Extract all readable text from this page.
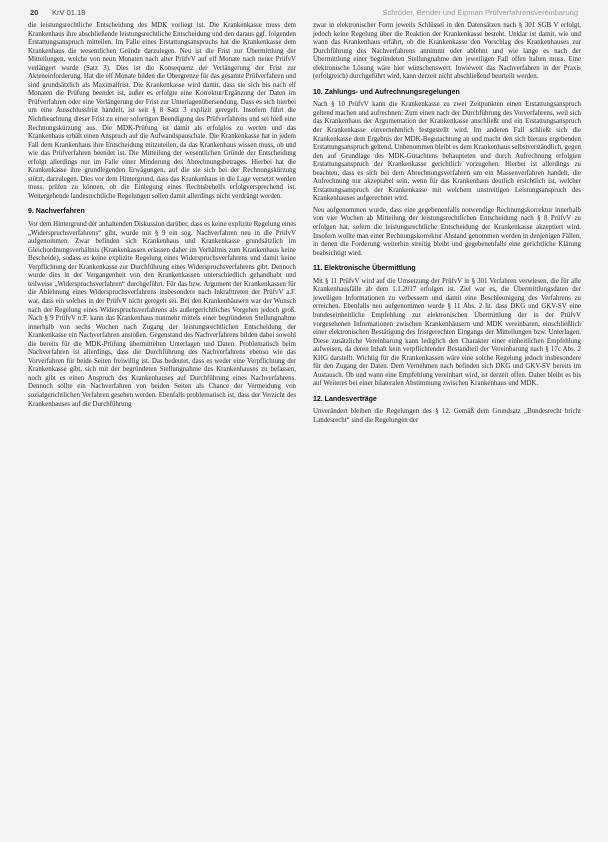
20 KrV 01.18	Schröder, Bender und Eipman Prüfverfahrensvereinbarung

die leistungsrechtliche Entscheidung des MDK vorliegt ist. Die Krankenkasse muss dem Krankenhaus ihre abschließende leistungsrechtliche Entscheidung und den daraus ggf. folgenden Erstattungsanspruch mitteilen. Im Falle eines Erstattungsanspruchs hat die Krankenkasse dem Krankenhaus die wesentlichen Gründe darzulegen. Neu ist die Frist zur Übermittlung der Mitteilungen, welche von neun Monaten nach alter PrüfvV auf elf Monate nach neuer PrüfvV verlängert wurde (Satz 3). Dies ist die Konsequenz der Verlängerung der Frist zur Akteneinforderung. Hat die elf Monate bilden die Obergrenze für das gesamte Prüfverfahren und sind grundsätzlich als Maximalfrist. Die Krankenkasse wird damit, dass sie sich bis nach elf Monaten die Prüfung beendet ist, außer es erfolgte eine Korrektur/Ergänzung der Daten im Prüfverfahren oder eine Verlängerung der Frist zur Unterlagenübersendung. Dass es sich hierbei um eine Ausschlussfrist handelt, ist seit § 8 Satz 3 explizit geregelt. Insofern führt die Nichtbeachtung dieser Frist zu einer sofortigen Beendigung des Prüfverfahrens und sei hieß eine Rechnungskürzung aus. Die MDK-Prüfung ist damit als erfolglos zu werten und das Krankenhaus erhält einen Anspruch auf die Aufwandspauschale. Die Krankenkasse hat in jedem Fall dem Krankenhaus ihre Entscheidung mitzuteilen, da das Krankenhaus wissen muss, ob und wie das Prüfverfahren beendet ist. Die Mitteilung der wesentlichen Gründe der Entscheidung erfolgt allerdings nur im Falle einer Minderung des Abrechnungsbetrages. Hierbei hat die Krankenkasse ihre grundlegenden Erwägungen, auf die sie sich bei der Rechnungskürzung stützt, darzulegen. Dies vor dem Hintergrund, dass das Krankenhaus in die Lage versetzt werden muss, prüfen zu können, ob die Einlegung eines Rechtsbehelfs erfolgversprechend ist. Weitergehende landesrechtliche Regelungen sollen damit allerdings nicht verdrängt werden.

9. Nachverfahren

Vor dem Hintergrund der anhaltenden Diskussion darüber, dass es keine explizite Regelung eines „Widerspruchsverfahrens“ gibt, wurde mit § 9 ein sog. Nachverfahren neu in die PrüfvV aufgenommen. Zwar befinden sich Krankenhaus und Krankenkasse grundsätzlich im Gleichordnungsverhältnis (Krankenkassen erlassen daher im Verhältnis zum Krankenhaus keine Bescheide), sodass es keine explizite Regelung eines Widerspruchsverfahrens und damit keine Verpflichtung der Krankenkasse zur Durchführung eines Widerspruchsverfahrens gibt. Dennoch wurde dies in der Vergangenheit von den Krankenkassen unterschiedlich gehandhabt und teilweise „Widerspruchsverfahren“ durchgeführt. Für das bzw. Argument der Krankenkassen für die Ablehnung eines Widerspruchsverfahrens insbesondere nach Inkrafttreten der PrüfvV a.F. war, dass ein solches in der PrüfvV nicht geregelt sei. Bei den Krankenhäusern war der Wunsch nach der Regelung eines Widerspruchsverfahrens als außergerichtliches Vorgehen jedoch groß. Nach § 9 PrüfvV n.F. kann das Krankenhaus nunmehr mittels einer begründeten Stellungnahme innerhalb von sechs Wochen nach Zugang der leistungsrechtlichen Entscheidung der Krankenkasse ein Nachverfahren anstoßen. Gegenstand des Nachverfahrens bilden dabei sowohl die bereits für die MDK-Prüfung übermittelten Unterlagen und Daten. Problematisch beim Nachverfahren ist allerdings, dass die Durchführung des Nachverfahrens ebenso wie das Vorverfahren für beide Seiten freiwillig ist. Das bedeutet, dass es weder eine Verpflichtung der Krankenkasse gibt, sich mit der begründeten Stellungnahme des Krankenhauses zu befassen, noch gibt es einen Anspruch des Krankenhauses auf Durchführung eines Nachverfahrens. Dennoch sollte ein Nachverfahren von beiden Seiten als Chance der Vermeidung von sozialgerichtlichen Verfahren gesehen werden. Ebenfalls problematisch ist, dass der Verzicht des Krankenhauses auf die Durchführung

zwar in elektronischer Form jeweils Schlüssel in den Datensätzen nach § 301 SGB V erfolgt, jedoch keine Regelung über die Reaktion der Krankenkasse besteht. Unklar ist damit, wie und wann das Krankenhaus erfährt, ob die Krankenkasse den Vorschlag des Krankenhauses zur Durchführung des Nachverfahrens annimmt oder ablehnt und wie lange es nach der Übermittlung einer begründeten Stellungnahme den jeweiligen Fall offen halten muss. Eine elektronische Lösung wäre hier wünschenswert. Inwieweit das Nachverfahren in der Praxis (erfolgreich) durchgeführt wird, kann derzeit nicht abschließend beurteilt werden.

10. Zahlungs- und Aufrechnungsregelungen

Nach § 10 PrüfvV kann die Krankenkasse zu zwei Zeitpunkten einen Erstattungsanspruch geltend machen und aufrechnen: Zum einen nach der Durchführung des Vorverfahrens, weil sich das Krankenhaus der Argumentation der Krankenkasse anschließt und ein Erstattungsanspruch der Krankenkasse einvernehmlich festgestellt wird. Im anderen Fall schließt sich die Krankenkasse dem Ergebnis der MDK-Begutachtung an und macht den sich hieraus ergebenden Erstattungsanspruch geltend. Unbenommen bleibt es dem Krankenhaus selbstverständlich, gegen den auf Grundlage des MDK-Gutachtens behaupteten und durch Aufrechnung erfolgten Erstattungsanspruch der Krankenkasse gerichtlich vorzugehen. Hierbei ist allerdings zu beachten, dass es sich bei dem Abrechnungsverfahren um ein Massenverfahren handelt, die Aufrechnung nur akzeptabel sein, wenn für das Krankenhaus deutlich ersichtlich ist, welcher Erstattungsanspruch der Krankenkasse mit welchem unstreitigen Leistungsanspruch des Krankenhauses aufgerechnet wird.

Neu aufgenommen wurde, dass eine gegebenenfalls notwendige Rechnungskorrektur innerhalb von vier Wochen ab Mitteilung der leistungsrechtlichen Entscheidung nach § 8 PrüfvV zu erfolgen hat, sofern die leistungsrechtliche Entscheidung der Krankenkasse akzeptiert wird. Insofern wollte man einer Rechnungskorrektur Abstand genommen werden in denjenigen Fällen, in denen die Forderung weiterhin streitig bleibt und gegebenenfalls eine gerichtliche Klärung beabsichtigt wird.

11. Elektronische Übermittlung

Mit § 11 PrüfvV wird auf die Umsetzung der PrüfvV in § 301 Verfahren verwiesen, die für alle Krankenhausfälle ab dem 1.1.2017 erfolgen ist. Ziel war es, die Übermittlungsdaten der jeweiligen Informationen zu verbessern und damit eine Beschleunigung des Verfahrens zu erreichen. Ebenfalls neu aufgenommen wurde § 11 Abs. 2 lit. dass DKG und GKV-SV eine bundeseinheitliche Empfehlung zur elektronischen Übermittlung der in der PrüfvV vorgesehenen Informationen zwischen Krankenhäusern und MDK vereinbaren, einschließlich einer elektronischen Bestätigung des fristgerechten Eingangs der Mitteilungen bzw. Unterlagen. Diese zusätzliche Vereinbarung kann lediglich den Charakter einer einheitlichen Empfehlung aufweisen, da deren Inhalt kein verpflichtender Bestandteil der Vereinbarung nach § 17c Abs. 2 KHG darstellt. Wichtig für die Krankenkassen wäre eine solche Regelung jedoch insbesondere für den Zugang der Daten. Dem Vernehmen nach befinden sich DKG und GKV-SV bereits im Austausch. Ob und wann eine Empfehlung vereinbart wird, ist derzeit offen. Daher bleibt es bis auf Weiteres bei einer bilateralen Abstimmung zwischen Krankenhaus und MDK.

12. Landesverträge

Unverändert bleiben die Regelungen des § 12. Gemäß dem Grundsatz „Bundesrecht bricht Landesrecht“ sind die Regelungen der
